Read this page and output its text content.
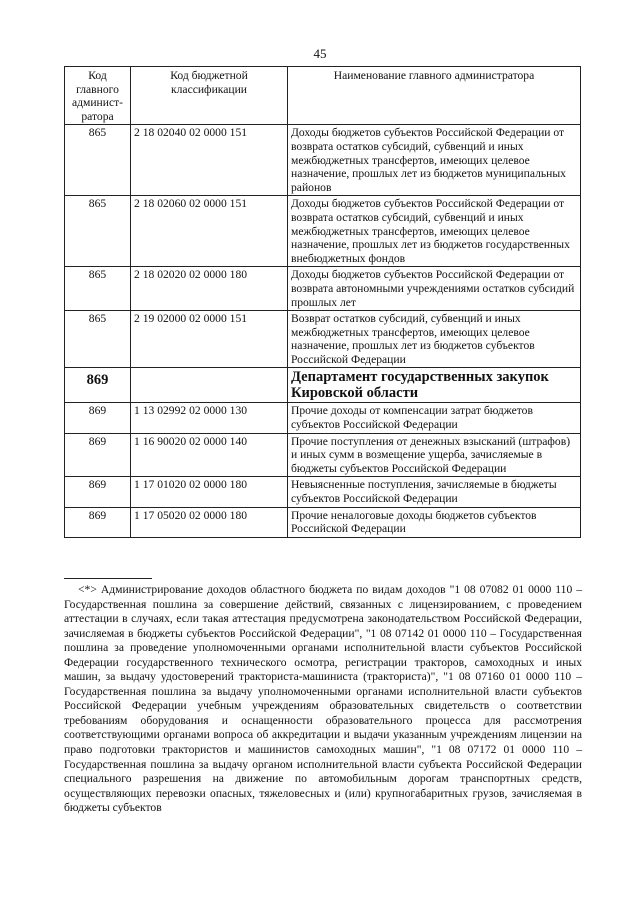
45
Код главного админист-ратора	Код бюджетной классификации	Наименование главного администратора
865	2 18 02040 02 0000 151	Доходы бюджетов субъектов Российской Федерации от возврата остатков субсидий, субвенций и иных межбюджетных трансфертов, имеющих целевое назначение, прошлых лет из бюджетов муниципальных районов
865	2 18 02060 02 0000 151	Доходы бюджетов субъектов Российской Федерации от возврата остатков субсидий, субвенций и иных межбюджетных трансфертов, имеющих целевое назначение, прошлых лет из бюджетов государственных внебюджетных фондов
865	2 18 02020 02 0000 180	Доходы бюджетов субъектов Российской Федерации от возврата автономными учреждениями остатков субсидий прошлых лет
865	2 19 02000 02 0000 151	Возврат остатков субсидий, субвенций и иных межбюджетных трансфертов, имеющих целевое назначение, прошлых лет из бюджетов субъектов Российской Федерации
869		Департамент государственных закупок Кировской области
869	1 13 02992 02 0000 130	Прочие доходы от компенсации затрат бюджетов субъектов Российской Федерации
869	1 16 90020 02 0000 140	Прочие поступления от денежных взысканий (штрафов) и иных сумм в возмещение ущерба, зачисляемые в бюджеты субъектов Российской Федерации
869	1 17 01020 02 0000 180	Невыясненные поступления, зачисляемые в бюджеты субъектов Российской Федерации
869	1 17 05020 02 0000 180	Прочие неналоговые доходы бюджетов субъектов Российской Федерации

<*> Администрирование доходов областного бюджета по видам доходов "1 08 07082 01 0000 110 – Государственная пошлина за совершение действий, связанных с лицензированием, с проведением аттестации в случаях, если такая аттестация предусмотрена законодательством Российской Федерации, зачисляемая в бюджеты субъектов Российской Федерации", "1 08 07142 01 0000 110 – Государственная пошлина за проведение уполномоченными органами исполнительной власти субъектов Российской Федерации государственного технического осмотра, регистрации тракторов, самоходных и иных машин, за выдачу удостоверений тракториста-машиниста (тракториста)", "1 08 07160 01 0000 110 – Государственная пошлина за выдачу уполномоченными органами исполнительной власти субъектов Российской Федерации учебным учреждениям образовательных свидетельств о соответствии требованиям оборудования и оснащенности образовательного процесса для рассмотрения соответствующими органами вопроса об аккредитации и выдачи указанным учреждениям лицензии на право подготовки трактористов и машинистов самоходных машин", "1 08 07172 01 0000 110 – Государственная пошлина за выдачу органом исполнительной власти субъекта Российской Федерации специального разрешения на движение по автомобильным дорогам транспортных средств, осуществляющих перевозки опасных, тяжеловесных и (или) крупногабаритных грузов, зачисляемая в бюджеты субъектов
